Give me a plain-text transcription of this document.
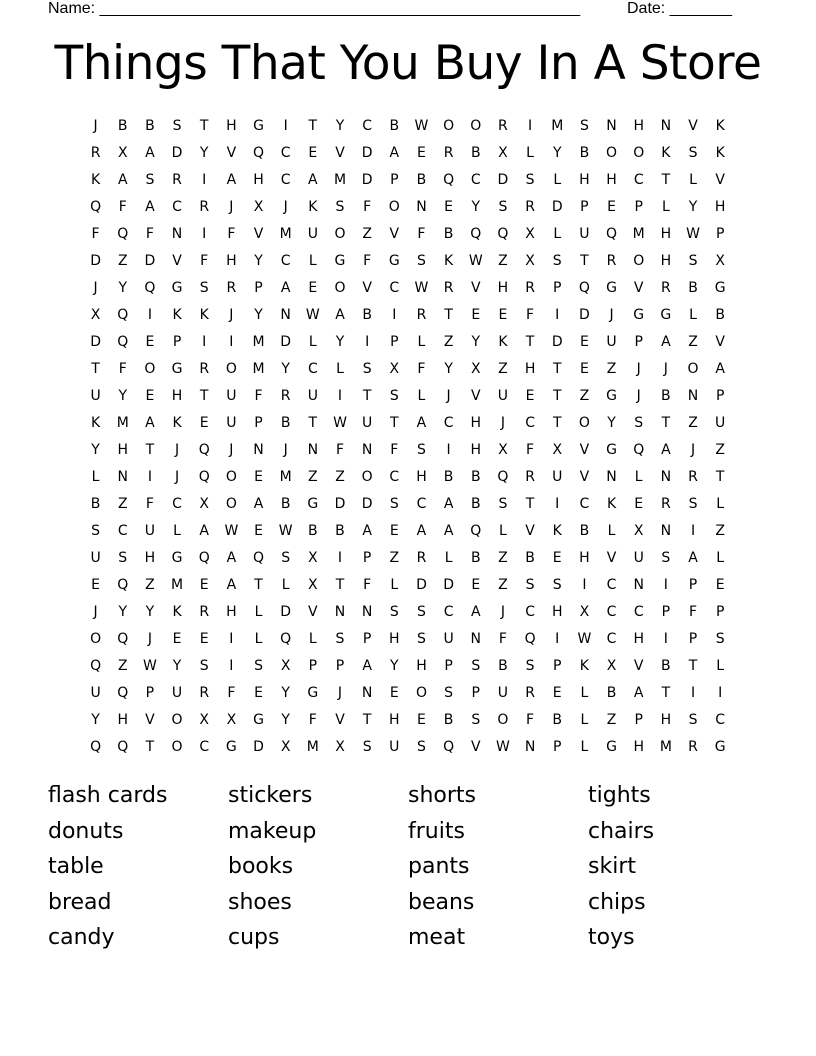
Name: ______________________________________________________	Date: _______
Things That You Buy In A Store
J	B	B	S	T	H	G	I	T	Y	C	B	W	O	O	R	I	M	S	N	H	N	V	K
R	X	A	D	Y	V	Q	C	E	V	D	A	E	R	B	X	L	Y	B	O	O	K	S	K
K	A	S	R	I	A	H	C	A	M	D	P	B	Q	C	D	S	L	H	H	C	T	L	V
Q	F	A	C	R	J	X	J	K	S	F	O	N	E	Y	S	R	D	P	E	P	L	Y	H
F	Q	F	N	I	F	V	M	U	O	Z	V	F	B	Q	Q	X	L	U	Q	M	H	W	P
D	Z	D	V	F	H	Y	C	L	G	F	G	S	K	W	Z	X	S	T	R	O	H	S	X
J	Y	Q	G	S	R	P	A	E	O	V	C	W	R	V	H	R	P	Q	G	V	R	B	G
X	Q	I	K	K	J	Y	N	W	A	B	I	R	T	E	E	F	I	D	J	G	G	L	B
D	Q	E	P	I	I	M	D	L	Y	I	P	L	Z	Y	K	T	D	E	U	P	A	Z	V
T	F	O	G	R	O	M	Y	C	L	S	X	F	Y	X	Z	H	T	E	Z	J	J	O	A
U	Y	E	H	T	U	F	R	U	I	T	S	L	J	V	U	E	T	Z	G	J	B	N	P
K	M	A	K	E	U	P	B	T	W	U	T	A	C	H	J	C	T	O	Y	S	T	Z	U
Y	H	T	J	Q	J	N	J	N	F	N	F	S	I	H	X	F	X	V	G	Q	A	J	Z
L	N	I	J	Q	O	E	M	Z	Z	O	C	H	B	B	Q	R	U	V	N	L	N	R	T
B	Z	F	C	X	O	A	B	G	D	D	S	C	A	B	S	T	I	C	K	E	R	S	L
S	C	U	L	A	W	E	W	B	B	A	E	A	A	Q	L	V	K	B	L	X	N	I	Z
U	S	H	G	Q	A	Q	S	X	I	P	Z	R	L	B	Z	B	E	H	V	U	S	A	L
E	Q	Z	M	E	A	T	L	X	T	F	L	D	D	E	Z	S	S	I	C	N	I	P	E
J	Y	Y	K	R	H	L	D	V	N	N	S	S	C	A	J	C	H	X	C	C	P	F	P
O	Q	J	E	E	I	L	Q	L	S	P	H	S	U	N	F	Q	I	W	C	H	I	P	S
Q	Z	W	Y	S	I	S	X	P	P	A	Y	H	P	S	B	S	P	K	X	V	B	T	L
U	Q	P	U	R	F	E	Y	G	J	N	E	O	S	P	U	R	E	L	B	A	T	I	I
Y	H	V	O	X	X	G	Y	F	V	T	H	E	B	S	O	F	B	L	Z	P	H	S	C
Q	Q	T	O	C	G	D	X	M	X	S	U	S	Q	V	W	N	P	L	G	H	M	R	G
flash cards	stickers	shorts	tights
donuts	makeup	fruits	chairs
table	books	pants	skirt
bread	shoes	beans	chips
candy	cups	meat	toys
